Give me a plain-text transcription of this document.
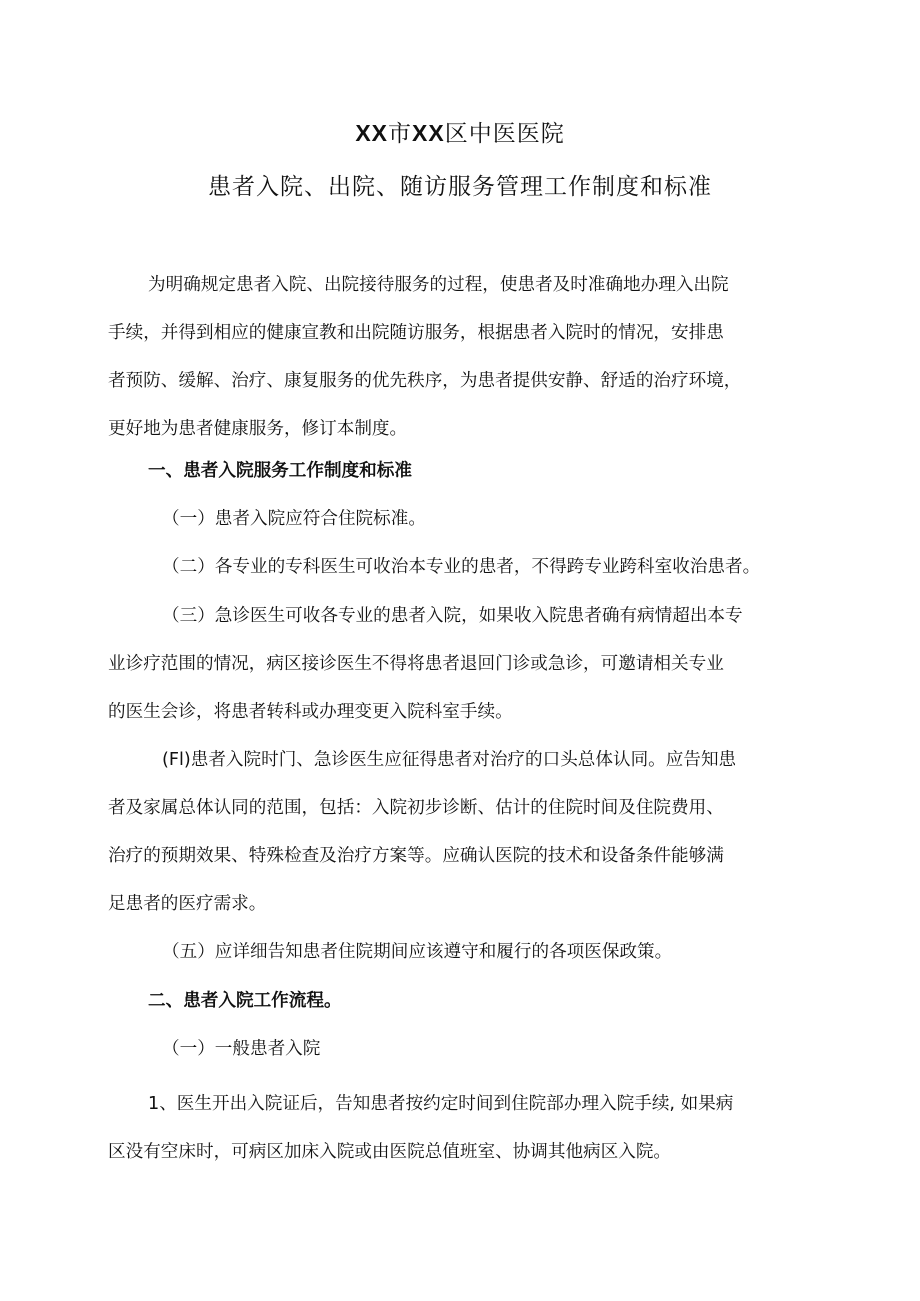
XX市XX区中医医院
患者入院、出院、随访服务管理工作制度和标准
为明确规定患者入院、出院接待服务的过程，使患者及时准确地办理入出院
手续，并得到相应的健康宣教和出院随访服务，根据患者入院时的情况，安排患
者预防、缓解、治疗、康复服务的优先秩序，为患者提供安静、舒适的治疗环境，
更好地为患者健康服务，修订本制度。
一、患者入院服务工作制度和标准
（一）患者入院应符合住院标准。
（二）各专业的专科医生可收治本专业的患者，不得跨专业跨科室收治患者。
（三）急诊医生可收各专业的患者入院，如果收入院患者确有病情超出本专
业诊疗范围的情况，病区接诊医生不得将患者退回门诊或急诊，可邀请相关专业
的医生会诊，将患者转科或办理变更入院科室手续。
(Fl)患者入院时门、急诊医生应征得患者对治疗的口头总体认同。应告知患
者及家属总体认同的范围，包括：入院初步诊断、估计的住院时间及住院费用、
治疗的预期效果、特殊检查及治疗方案等。应确认医院的技术和设备条件能够满
足患者的医疗需求。
（五）应详细告知患者住院期间应该遵守和履行的各项医保政策。
二、患者入院工作流程。
（一）一般患者入院
1、医生开出入院证后，告知患者按约定时间到住院部办理入院手续, 如果病
区没有空床时，可病区加床入院或由医院总值班室、协调其他病区入院。
